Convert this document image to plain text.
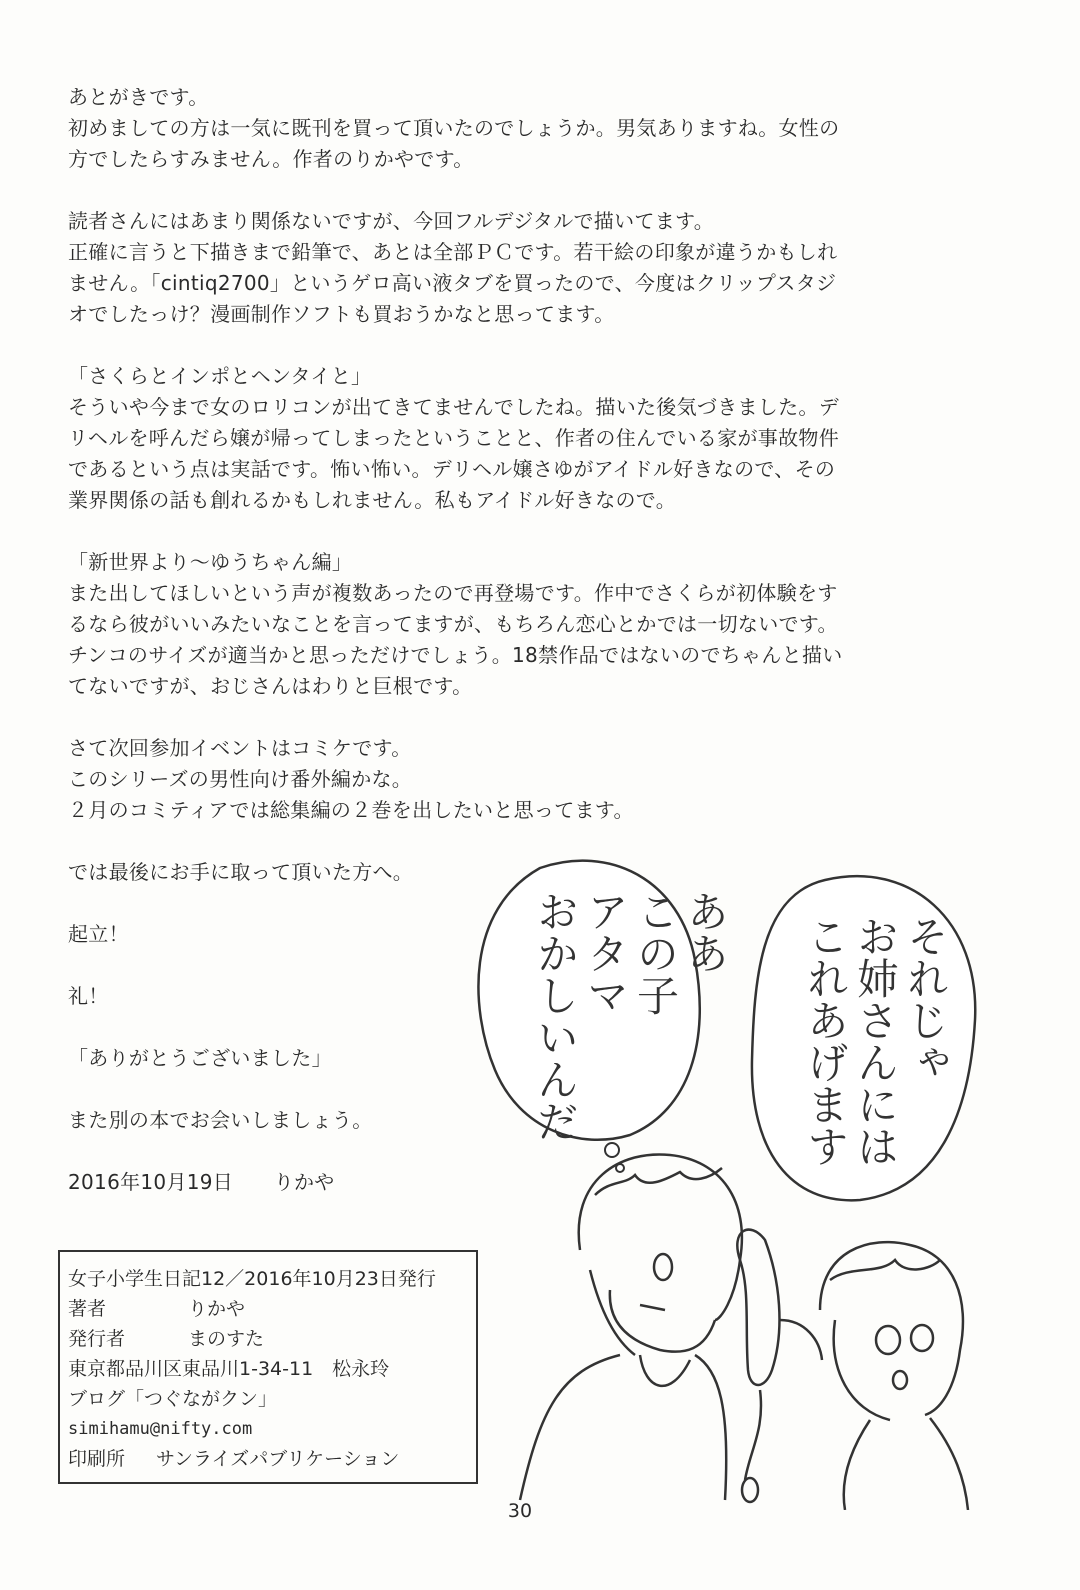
あとがきです。

初めましての方は一気に既刊を買って頂いたのでしょうか。男気ありますね。女性の

方でしたらすみません。作者のりかやです。

読者さんにはあまり関係ないですが、今回フルデジタルで描いてます。

正確に言うと下描きまで鉛筆で、あとは全部ＰＣです。若干絵の印象が違うかもしれ

ません。「cintiq2700」というゲロ高い液タブを買ったので、今度はクリップスタジ

オでしたっけ？漫画制作ソフトも買おうかなと思ってます。

「さくらとインポとヘンタイと」

そういや今まで女のロリコンが出てきてませんでしたね。描いた後気づきました。デ

リヘルを呼んだら嬢が帰ってしまったということと、作者の住んでいる家が事故物件

であるという点は実話です。怖い怖い。デリヘル嬢さゆがアイドル好きなので、その

業界関係の話も創れるかもしれません。私もアイドル好きなので。

「新世界より～ゆうちゃん編」

また出してほしいという声が複数あったので再登場です。作中でさくらが初体験をす

るなら彼がいいみたいなことを言ってますが、もちろん恋心とかでは一切ないです。

チンコのサイズが適当かと思っただけでしょう。18禁作品ではないのでちゃんと描い

てないですが、おじさんはわりと巨根です。

さて次回参加イベントはコミケです。

このシリーズの男性向け番外編かな。

２月のコミティアでは総集編の２巻を出したいと思ってます。

では最後にお手に取って頂いた方へ。

起立！

礼！

「ありがとうございました」

また別の本でお会いしましょう。

2016年10月19日　　りかや

女子小学生日記12／2016年10月23日発行
著者	りかや
発行者	まのすた
東京都品川区東品川1-34-11　松永玲
ブログ「つぐながクン」
simihamu@nifty.com
印刷所 サンライズパブリケーション
ああ
この子
アタマ
おかしいんだ	それじゃ
お姉さんには
これあげます
30
